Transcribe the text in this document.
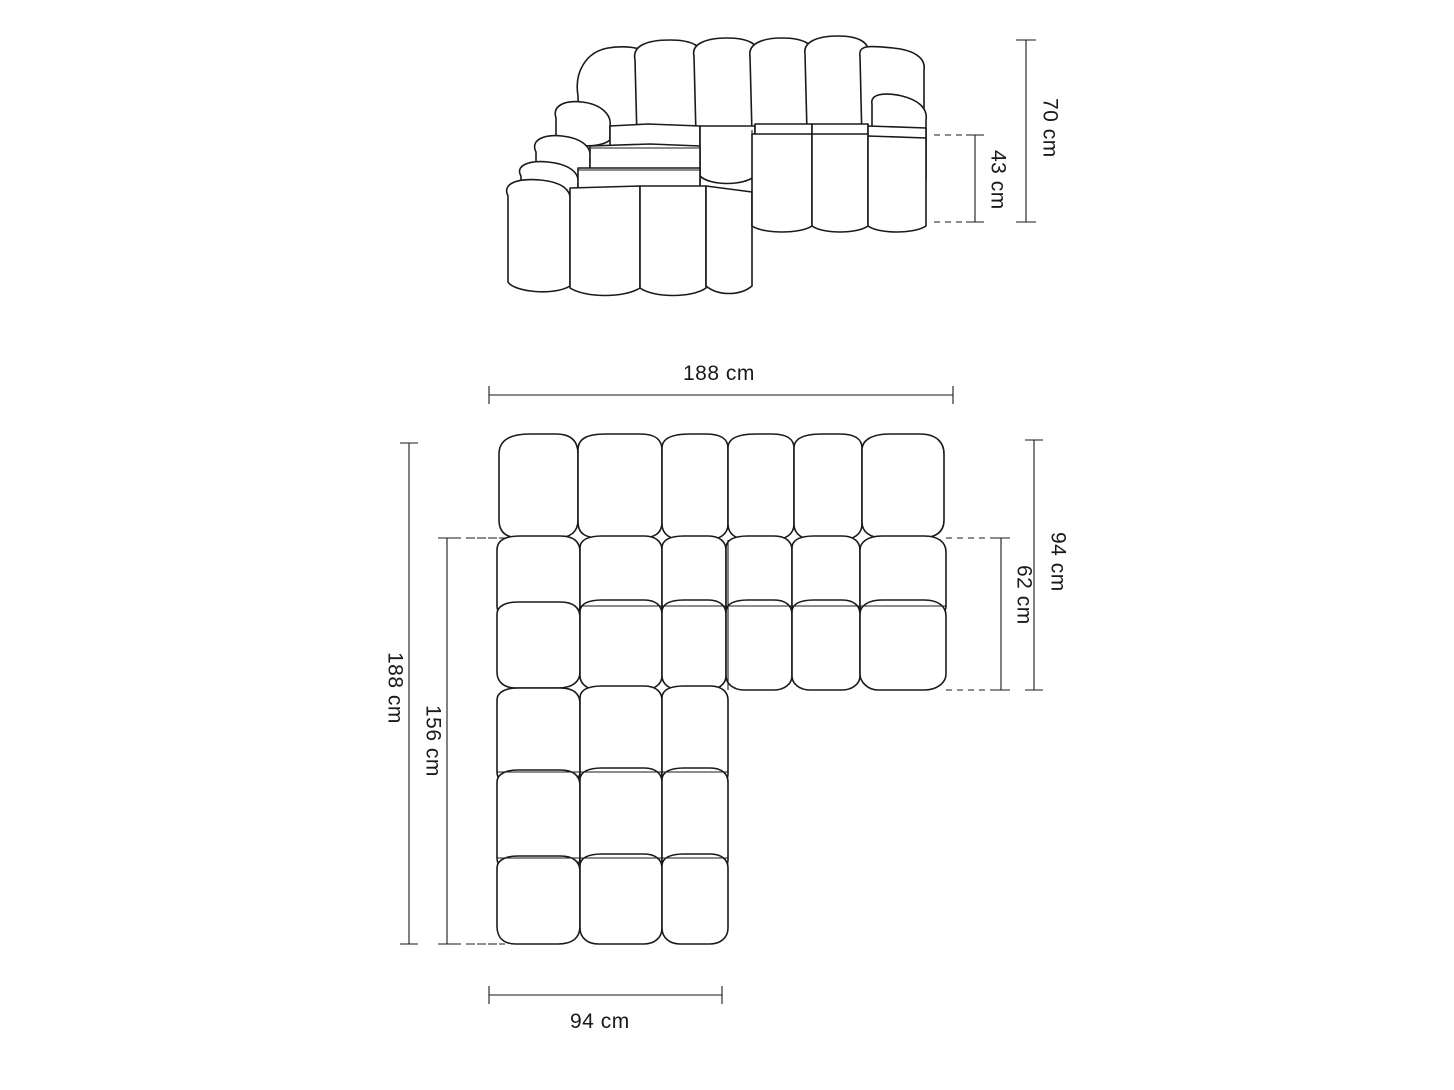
70 cm
43 cm
188 cm
188 cm
156 cm
94 cm
62 cm
94 cm
